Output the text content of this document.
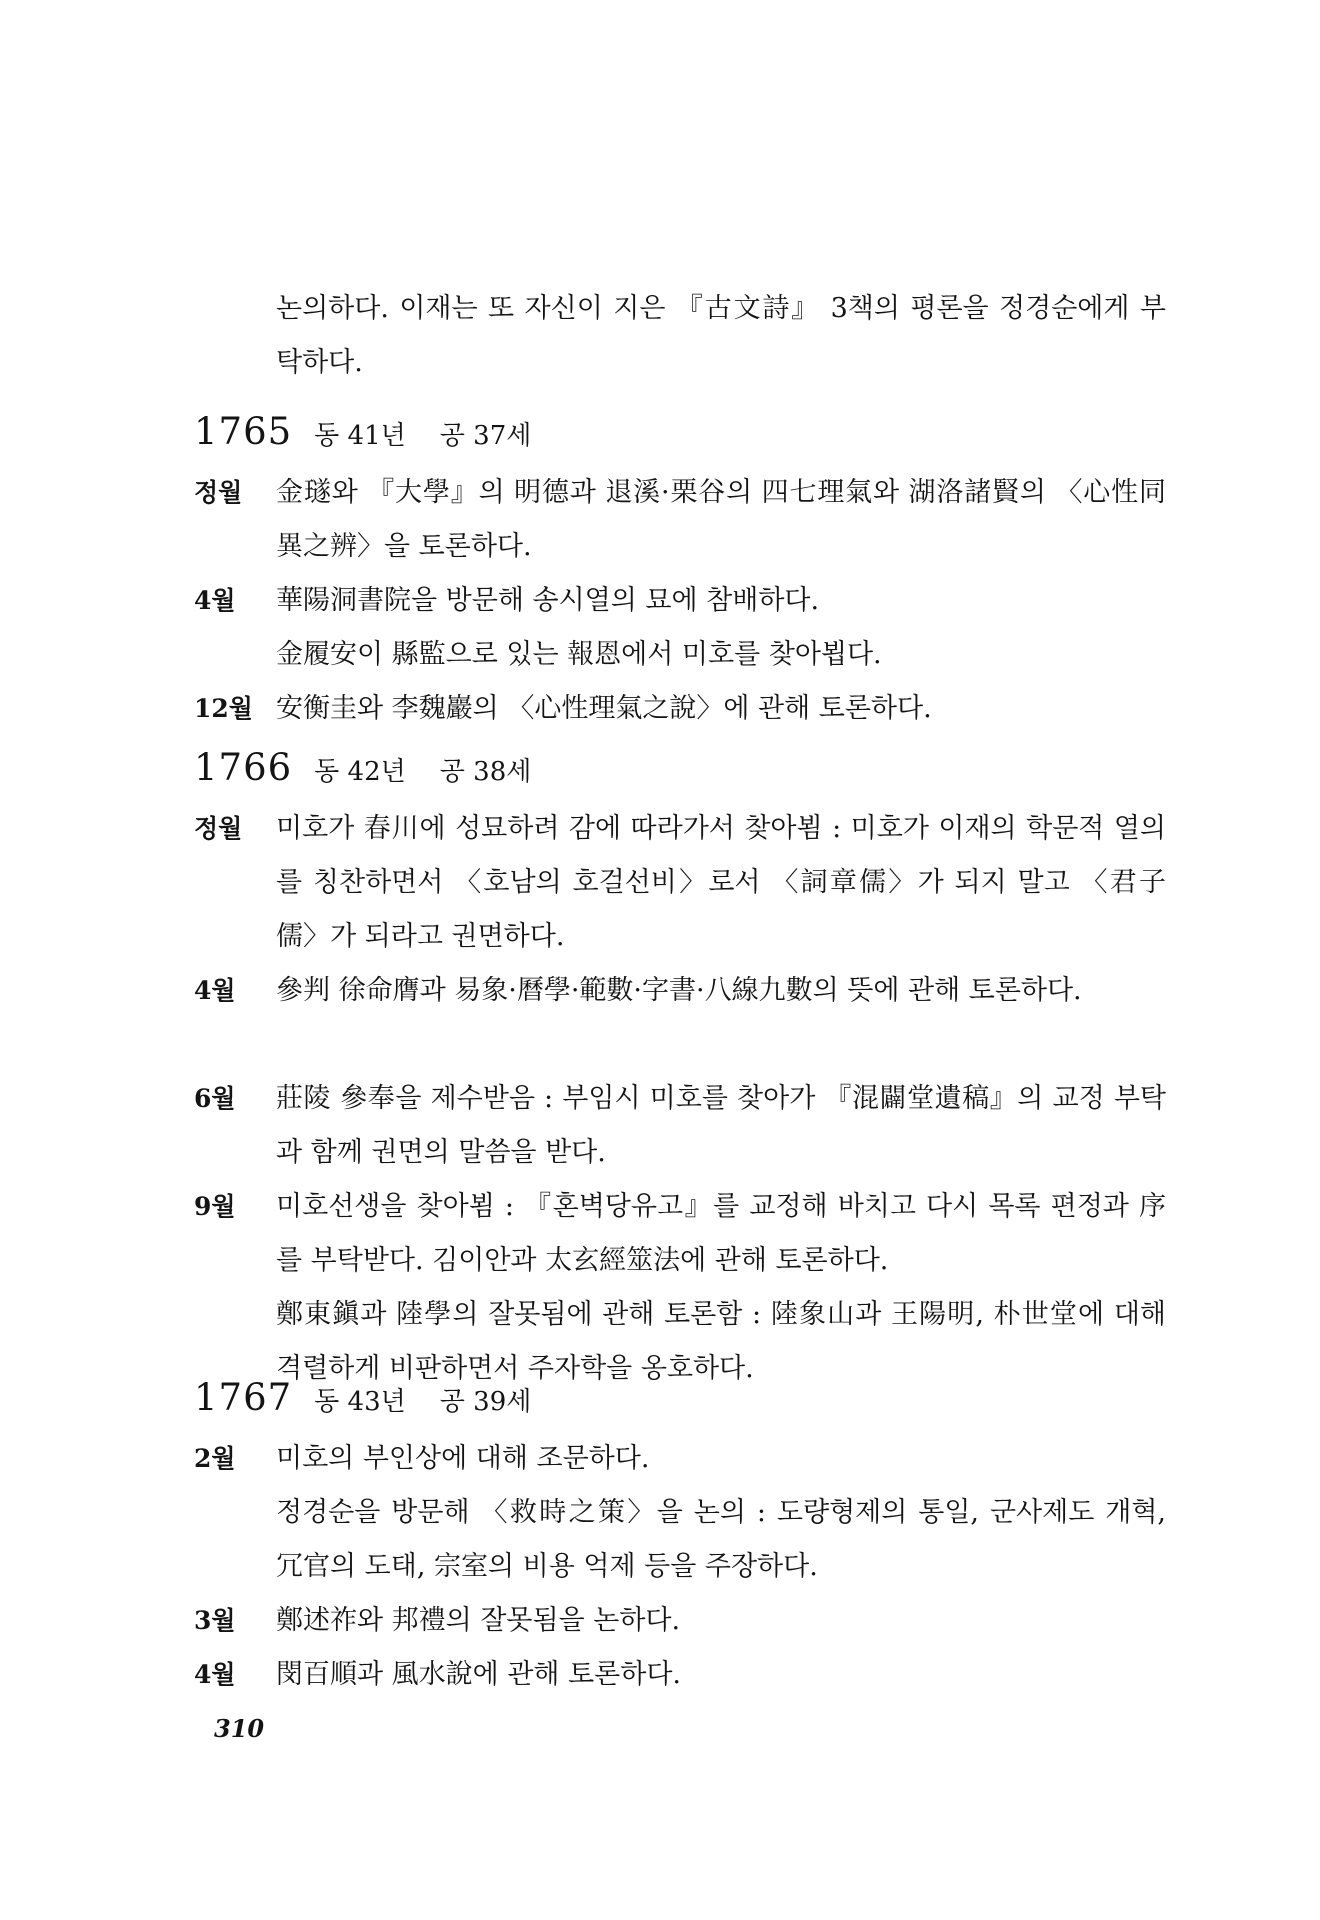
논의하다. 이재는 또 자신이 지은 『古文詩』 3책의 평론을 정경순에게 부탁하다.
1765 동 41년 공 37세
정월	金璲와 『大學』의 明德과 退溪·栗谷의 四七理氣와 湖洛諸賢의 〈心性同異之辨〉을 토론하다.
4월	華陽洞書院을 방문해 송시열의 묘에 참배하다.
金履安이 縣監으로 있는 報恩에서 미호를 찾아뵙다.
12월 安衡圭와 李魏巖의 〈心性理氣之說〉에 관해 토론하다.
1766 동 42년 공 38세
정월	미호가 春川에 성묘하려 감에 따라가서 찾아뵘 : 미호가 이재의 학문적 열의를 칭찬하면서 〈호남의 호걸선비〉로서 〈詞章儒〉가 되지 말고 〈君子儒〉가 되라고 권면하다.
4월	參判 徐命膺과 易象·曆學·範數·字書·八線九數의 뜻에 관해 토론하다.
6월	莊陵 參奉을 제수받음 : 부임시 미호를 찾아가 『混闢堂遺稿』의 교정 부탁과 함께 권면의 말씀을 받다.
9월	미호선생을 찾아뵘 : 『혼벽당유고』를 교정해 바치고 다시 목록 편정과 序를 부탁받다. 김이안과 太玄經筮法에 관해 토론하다.
鄭東鎭과 陸學의 잘못됨에 관해 토론함 : 陸象山과 王陽明, 朴世堂에 대해 격렬하게 비판하면서 주자학을 옹호하다.
1767 동 43년 공 39세
2월	미호의 부인상에 대해 조문하다.
정경순을 방문해 〈救時之策〉을 논의 : 도량형제의 통일, 군사제도 개혁, 冗官의 도태, 宗室의 비용 억제 등을 주장하다.
3월	鄭述祚와 邦禮의 잘못됨을 논하다.
4월	閔百順과 風水說에 관해 토론하다.
310
